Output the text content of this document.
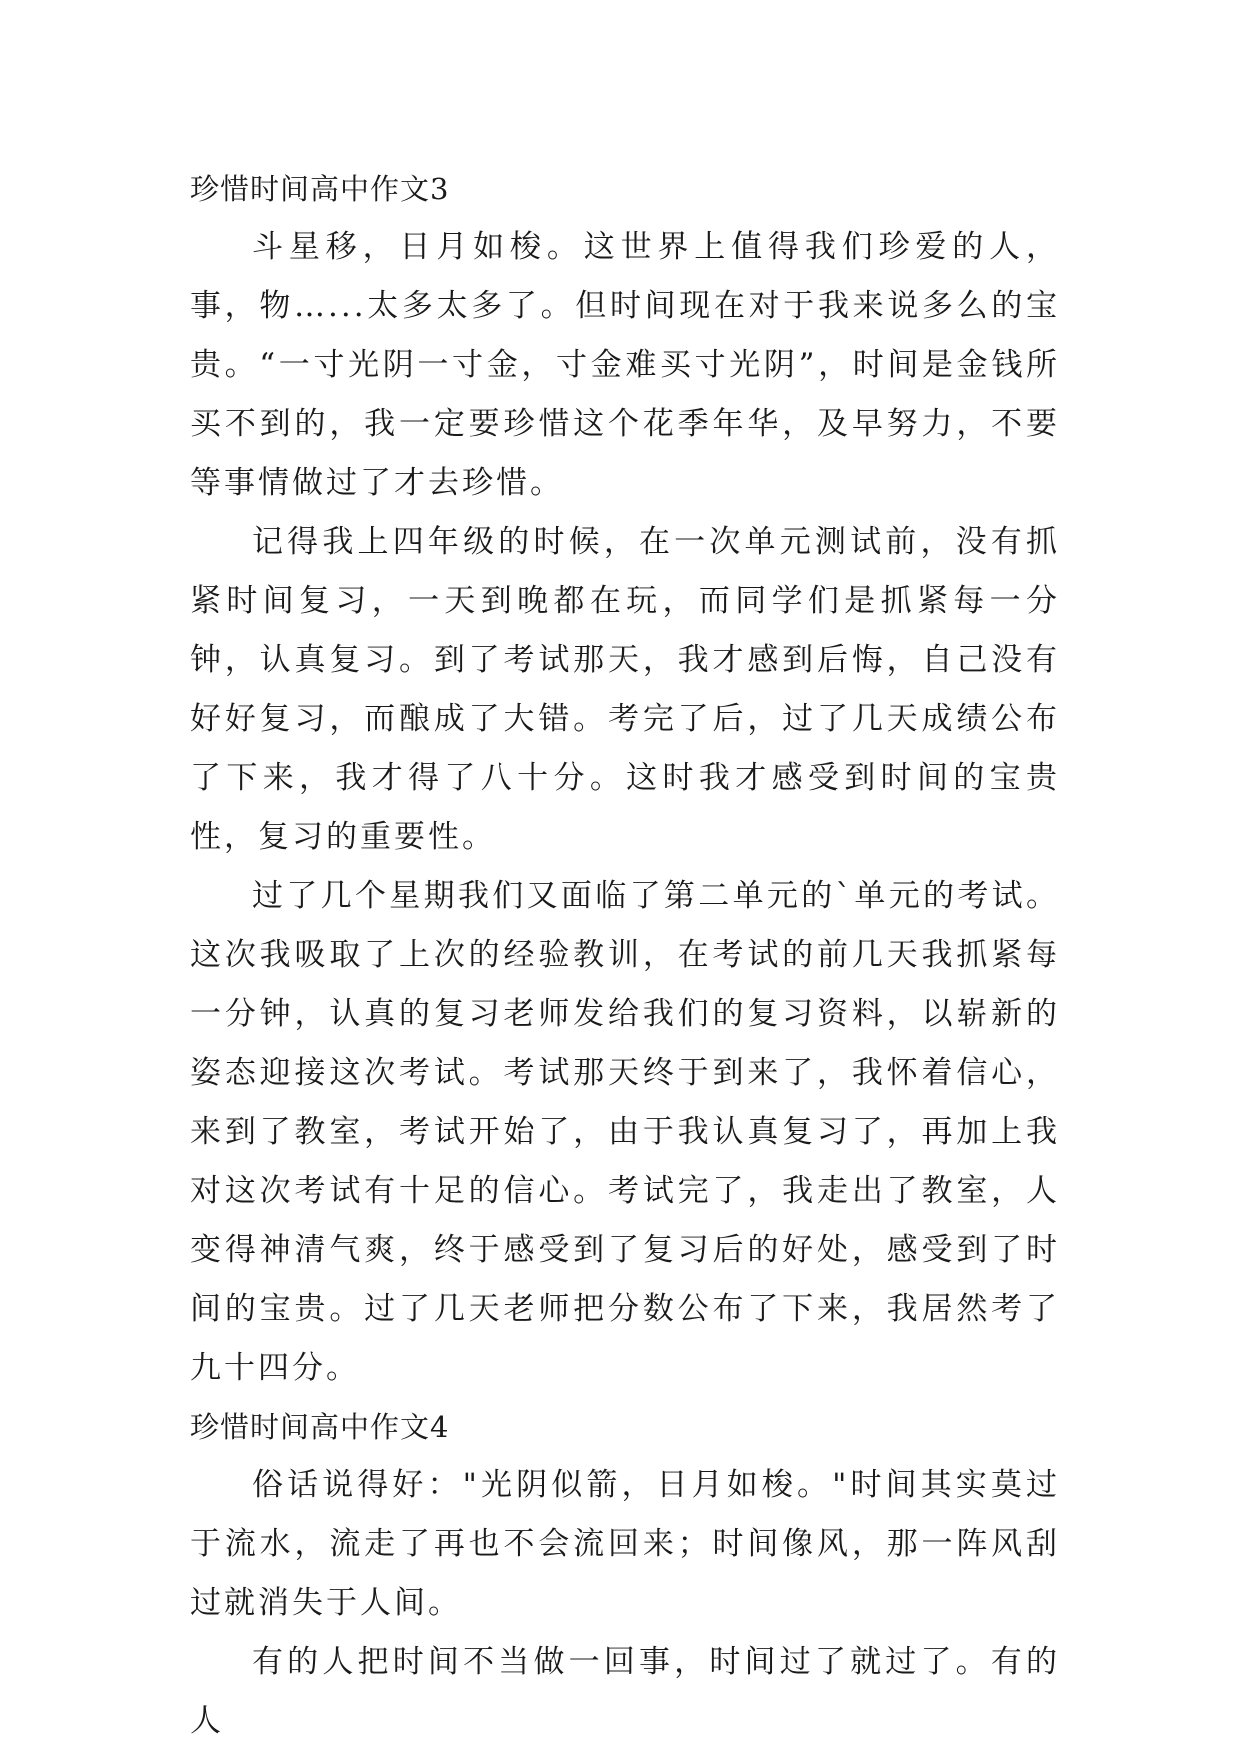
珍惜时间高中作文3

斗星移，日月如梭。这世界上值得我们珍爱的人，事，物…...太多太多了。但时间现在对于我来说多么的宝贵。“一寸光阴一寸金，寸金难买寸光阴”，时间是金钱所买不到的，我一定要珍惜这个花季年华，及早努力，不要等事情做过了才去珍惜。

记得我上四年级的时候，在一次单元测试前，没有抓紧时间复习，一天到晚都在玩，而同学们是抓紧每一分钟，认真复习。到了考试那天，我才感到后悔，自己没有好好复习，而酿成了大错。考完了后，过了几天成绩公布了下来，我才得了八十分。这时我才感受到时间的宝贵性，复习的重要性。

过了几个星期我们又面临了第二单元的`单元的考试。这次我吸取了上次的经验教训，在考试的前几天我抓紧每一分钟，认真的复习老师发给我们的复习资料，以崭新的姿态迎接这次考试。考试那天终于到来了，我怀着信心，来到了教室，考试开始了，由于我认真复习了，再加上我对这次考试有十足的信心。考试完了，我走出了教室，人变得神清气爽，终于感受到了复习后的好处，感受到了时间的宝贵。过了几天老师把分数公布了下来，我居然考了九十四分。

珍惜时间高中作文4

俗话说得好："光阴似箭，日月如梭。"时间其实莫过于流水，流走了再也不会流回来；时间像风，那一阵风刮过就消失于人间。

有的人把时间不当做一回事，时间过了就过了。有的人
